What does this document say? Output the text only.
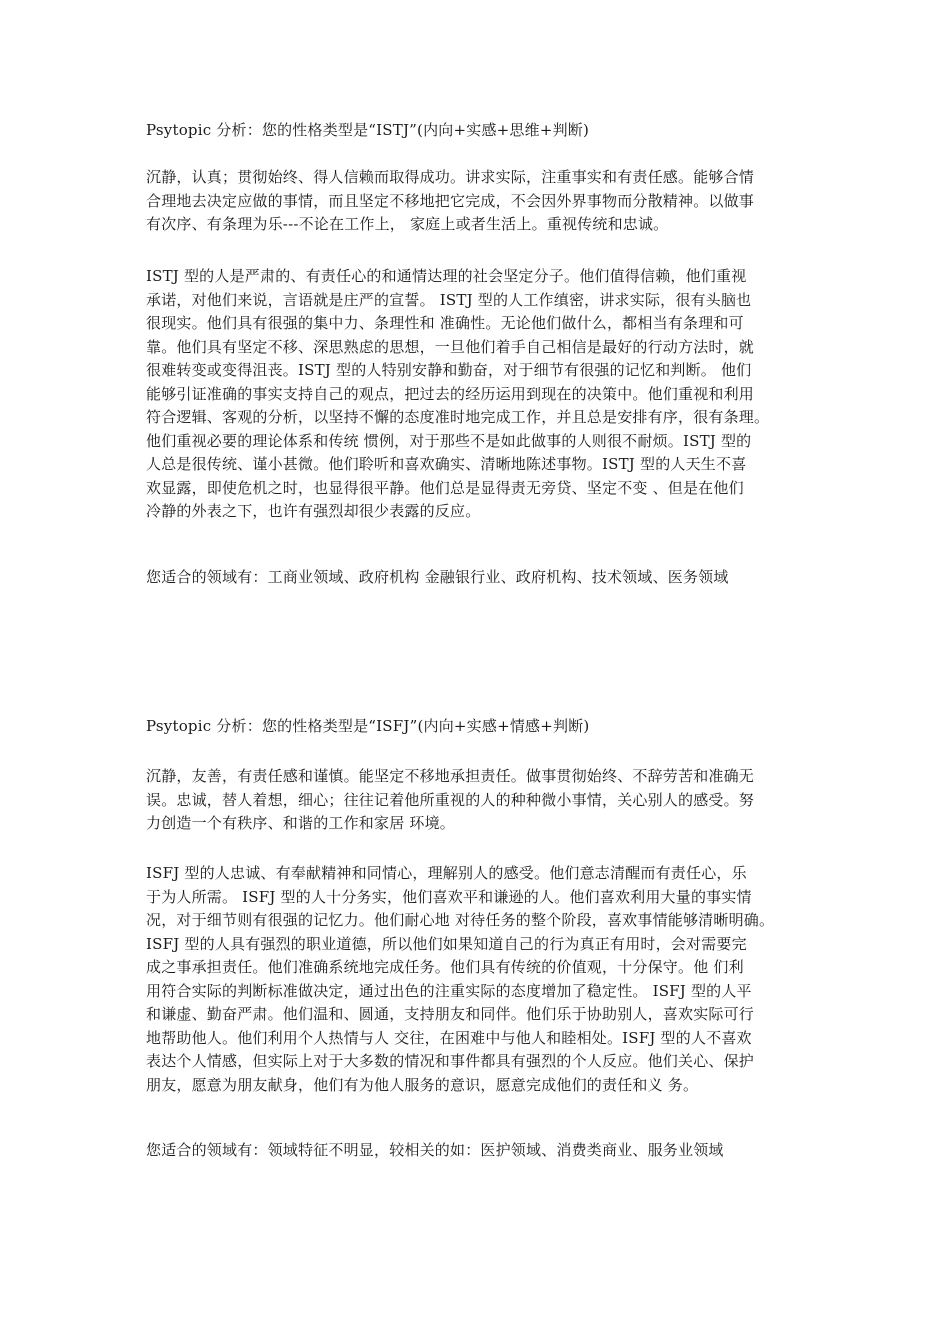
Psytopic 分析：您的性格类型是“ISTJ”(内向+实感+思维+判断)

沉静，认真；贯彻始终、得人信赖而取得成功。讲求实际，注重事实和有责任感。能够合情
合理地去决定应做的事情，而且坚定不移地把它完成，不会因外界事物而分散精神。以做事
有次序、有条理为乐---不论在工作上， 家庭上或者生活上。重视传统和忠诚。

ISTJ 型的人是严肃的、有责任心的和通情达理的社会坚定分子。他们值得信赖，他们重视
承诺，对他们来说，言语就是庄严的宣誓。 ISTJ 型的人工作缜密，讲求实际，很有头脑也
很现实。他们具有很强的集中力、条理性和 准确性。无论他们做什么，都相当有条理和可
靠。他们具有坚定不移、深思熟虑的思想，一旦他们着手自己相信是最好的行动方法时，就
很难转变或变得沮丧。ISTJ 型的人特别安静和勤奋，对于细节有很强的记忆和判断。 他们
能够引证准确的事实支持自己的观点，把过去的经历运用到现在的决策中。他们重视和利用
符合逻辑、客观的分析，以坚持不懈的态度准时地完成工作，并且总是安排有序，很有条理。
他们重视必要的理论体系和传统 惯例，对于那些不是如此做事的人则很不耐烦。ISTJ 型的
人总是很传统、谨小甚微。他们聆听和喜欢确实、清晰地陈述事物。ISTJ 型的人天生不喜
欢显露，即使危机之时，也显得很平静。他们总是显得责无旁贷、坚定不变 、但是在他们
冷静的外表之下，也许有强烈却很少表露的反应。

您适合的领域有：工商业领域、政府机构 金融银行业、政府机构、技术领域、医务领域

Psytopic 分析：您的性格类型是“ISFJ”(内向+实感+情感+判断)

沉静，友善，有责任感和谨慎。能坚定不移地承担责任。做事贯彻始终、不辞劳苦和准确无
误。忠诚，替人着想，细心；往往记着他所重视的人的种种微小事情，关心别人的感受。努
力创造一个有秩序、和谐的工作和家居 环境。

ISFJ 型的人忠诚、有奉献精神和同情心，理解别人的感受。他们意志清醒而有责任心，乐
于为人所需。 ISFJ 型的人十分务实，他们喜欢平和谦逊的人。他们喜欢利用大量的事实情
况，对于细节则有很强的记忆力。他们耐心地 对待任务的整个阶段，喜欢事情能够清晰明确。
ISFJ 型的人具有强烈的职业道德，所以他们如果知道自己的行为真正有用时，会对需要完
成之事承担责任。他们准确系统地完成任务。他们具有传统的价值观，十分保守。他 们利
用符合实际的判断标准做决定，通过出色的注重实际的态度增加了稳定性。 ISFJ 型的人平
和谦虚、勤奋严肃。他们温和、圆通，支持朋友和同伴。他们乐于协助别人，喜欢实际可行
地帮助他人。他们利用个人热情与人 交往，在困难中与他人和睦相处。ISFJ 型的人不喜欢
表达个人情感，但实际上对于大多数的情况和事件都具有强烈的个人反应。他们关心、保护
朋友，愿意为朋友献身，他们有为他人服务的意识，愿意完成他们的责任和义 务。

您适合的领域有：领域特征不明显，较相关的如：医护领域、消费类商业、服务业领域
